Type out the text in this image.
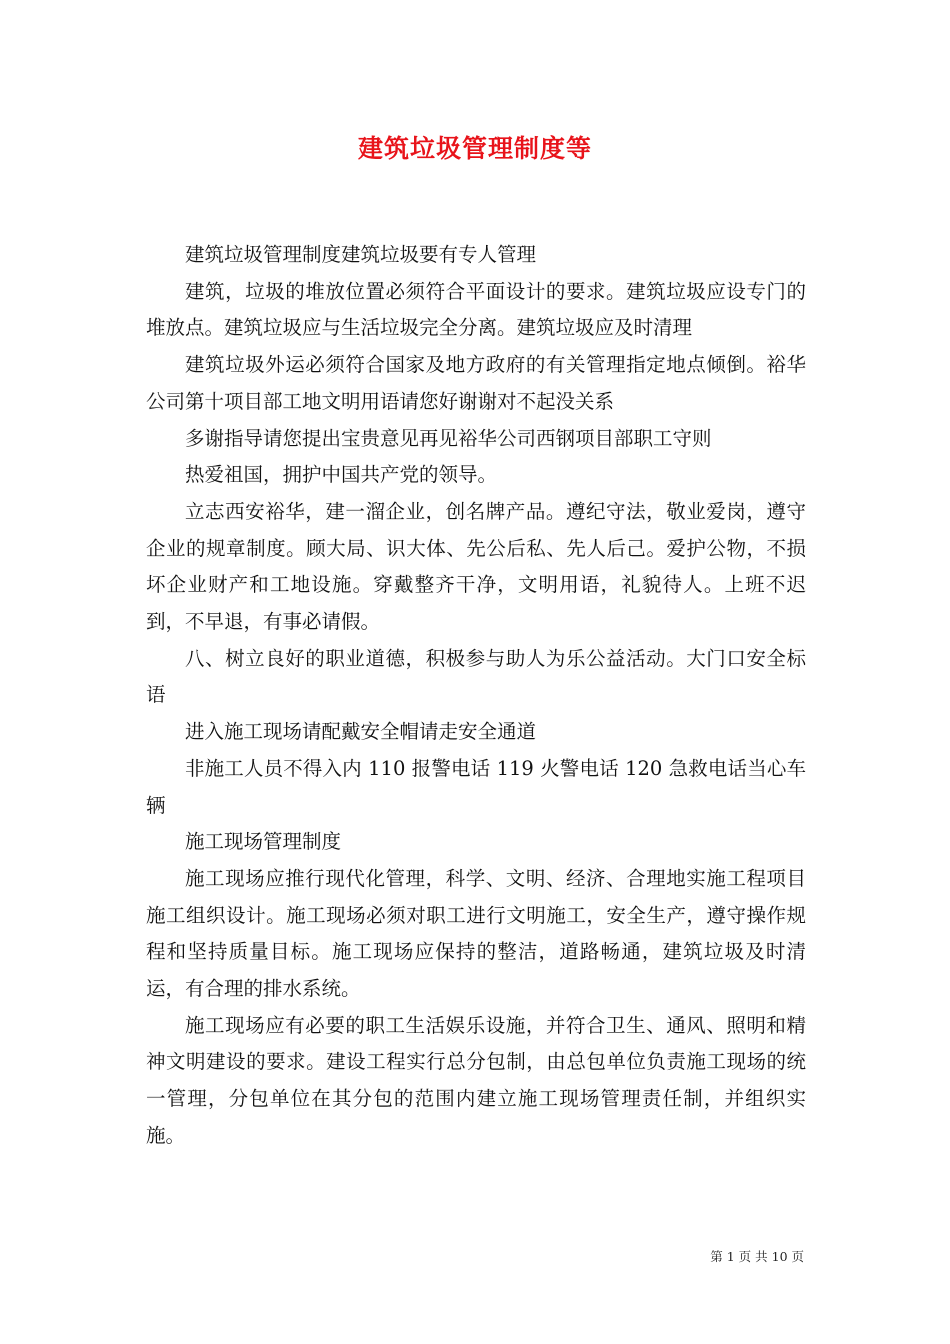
建筑垃圾管理制度等

建筑垃圾管理制度建筑垃圾要有专人管理

建筑，垃圾的堆放位置必须符合平面设计的要求。建筑垃圾应设专门的堆放点。建筑垃圾应与生活垃圾完全分离。建筑垃圾应及时清理

建筑垃圾外运必须符合国家及地方政府的有关管理指定地点倾倒。裕华公司第十项目部工地文明用语请您好谢谢对不起没关系

多谢指导请您提出宝贵意见再见裕华公司西钢项目部职工守则

热爱祖国，拥护中国共产党的领导。

立志西安裕华，建一溜企业，创名牌产品。遵纪守法，敬业爱岗，遵守企业的规章制度。顾大局、识大体、先公后私、先人后己。爱护公物，不损坏企业财产和工地设施。穿戴整齐干净，文明用语，礼貌待人。上班不迟到，不早退，有事必请假。

八、树立良好的职业道德，积极参与助人为乐公益活动。大门口安全标语

进入施工现场请配戴安全帽请走安全通道

非施工人员不得入内 110 报警电话 119 火警电话 120 急救电话当心车辆

施工现场管理制度

施工现场应推行现代化管理，科学、文明、经济、合理地实施工程项目施工组织设计。施工现场必须对职工进行文明施工，安全生产，遵守操作规程和坚持质量目标。施工现场应保持的整洁，道路畅通，建筑垃圾及时清运，有合理的排水系统。

施工现场应有必要的职工生活娱乐设施，并符合卫生、通风、照明和精神文明建设的要求。建设工程实行总分包制，由总包单位负责施工现场的统一管理，分包单位在其分包的范围内建立施工现场管理责任制，并组织实施。

第 1 页 共 10 页
